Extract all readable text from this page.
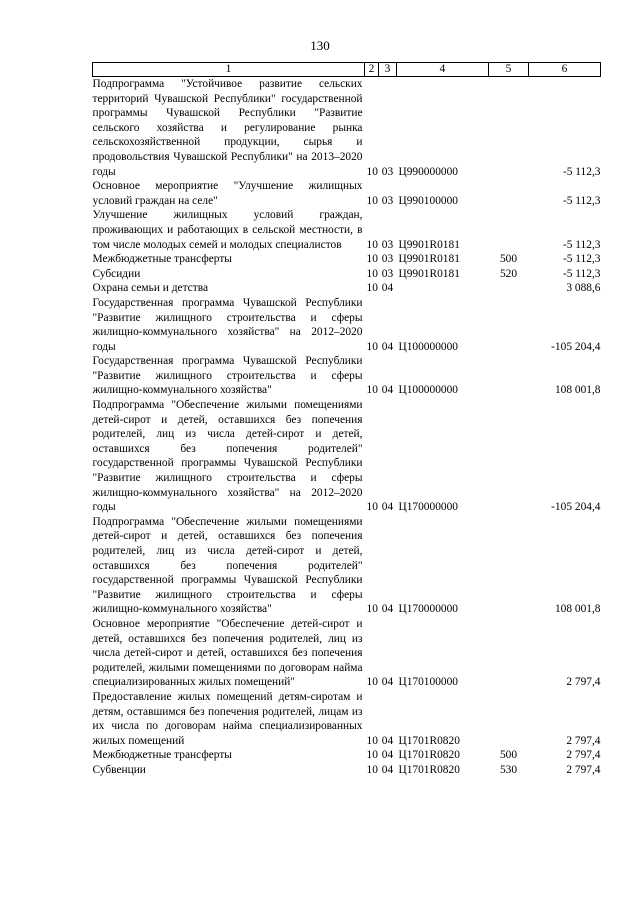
130
1	2	3	4	5	6
Подпрограмма "Устойчивое развитие сельских территорий Чувашской Республики" государственной программы Чувашской Республики "Развитие сельского хозяйства и регулирование рынка сельскохозяйственной продукции, сырья и продовольствия Чувашской Республики" на 2013–2020 годы	10	03	Ц990000000		-5 112,3
Основное мероприятие "Улучшение жилищных условий граждан на селе"	10	03	Ц990100000		-5 112,3
Улучшение жилищных условий граждан, проживающих и работающих в сельской местности, в том числе молодых семей и молодых специалистов	10	03	Ц9901R0181		-5 112,3
Межбюджетные трансферты	10	03	Ц9901R0181	500	-5 112,3
Субсидии	10	03	Ц9901R0181	520	-5 112,3
Охрана семьи и детства	10	04			3 088,6
Государственная программа Чувашской Республики "Развитие жилищного строительства и сферы жилищно-коммунального хозяйства" на 2012–2020 годы	10	04	Ц100000000		-105 204,4
Государственная программа Чувашской Республики "Развитие жилищного строительства и сферы жилищно-коммунального хозяйства"	10	04	Ц100000000		108 001,8
Подпрограмма "Обеспечение жилыми помещениями детей-сирот и детей, оставшихся без попечения родителей, лиц из числа детей-сирот и детей, оставшихся без попечения родителей" государственной программы Чувашской Республики "Развитие жилищного строительства и сферы жилищно-коммунального хозяйства" на 2012–2020 годы	10	04	Ц170000000		-105 204,4
Подпрограмма "Обеспечение жилыми помещениями детей-сирот и детей, оставшихся без попечения родителей, лиц из числа детей-сирот и детей, оставшихся без попечения родителей" государственной программы Чувашской Республики "Развитие жилищного строительства и сферы жилищно-коммунального хозяйства"	10	04	Ц170000000		108 001,8
Основное мероприятие "Обеспечение детей-сирот и детей, оставшихся без попечения родителей, лиц из числа детей-сирот и детей, оставшихся без попечения родителей, жилыми помещениями по договорам найма специализированных жилых помещений"	10	04	Ц170100000		2 797,4
Предоставление жилых помещений детям-сиротам и детям, оставшимся без попечения родителей, лицам из их числа по договорам найма специализированных жилых помещений	10	04	Ц1701R0820		2 797,4
Межбюджетные трансферты	10	04	Ц1701R0820	500	2 797,4
Субвенции	10	04	Ц1701R0820	530	2 797,4
